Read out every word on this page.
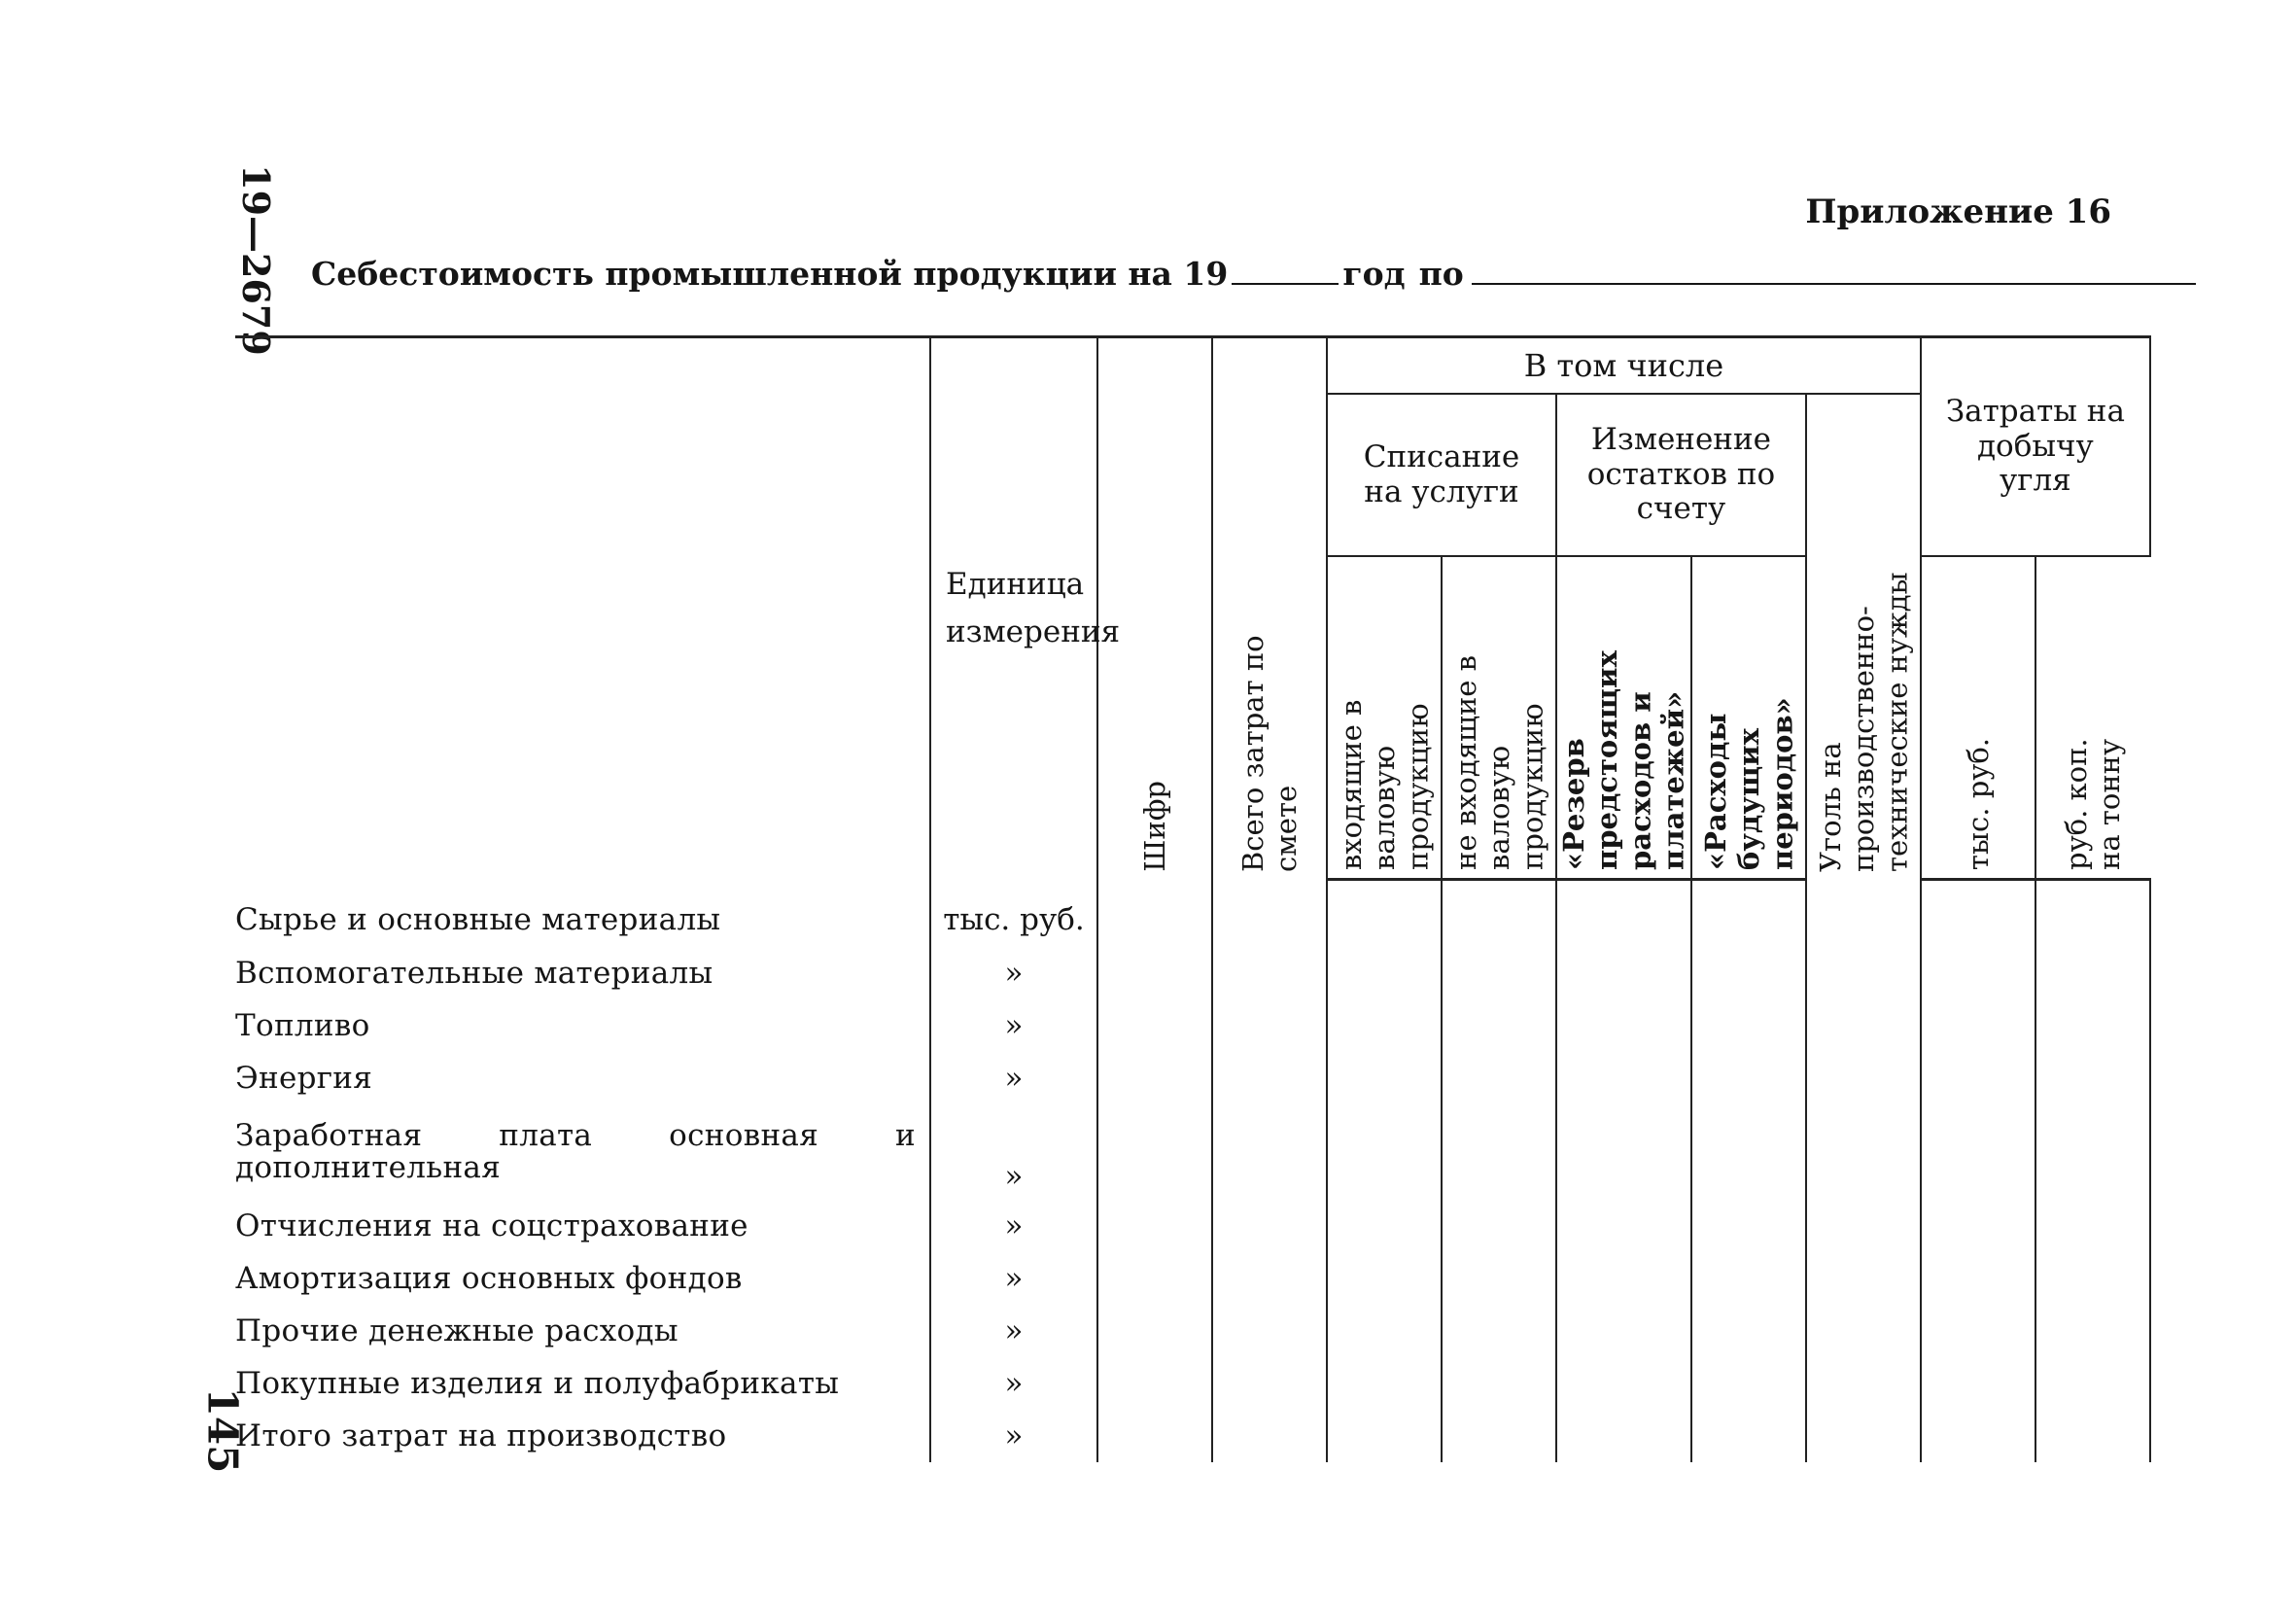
19—2679
145
Приложение 16
Себестоимость промышленной продукции на 19	год по
	Единица измерения	Шифр	Всего затрат по смете	В том числе					Затраты на добычу угля		
				Списание на услуги		Изменение остатков по счету		Уголь на производственно-технические нужды			
				входящие в валовую продукцию	не входящие в валовую продукцию	«Резерв предстоящих расходов и платежей»	«Расходы будущих периодов»		тыс. руб.	руб. коп. на тонну	
Сырье и основные материалы	тыс. руб.										
Вспомогательные материалы	»										
Топливо	»										
Энергия	»										

Заработная плата основная и дополнительная	»										
Отчисления на соцстрахование	»										
Амортизация основных фондов	»										
Прочие денежные расходы	»										
Покупные изделия и полуфабрикаты	»										
Итого затрат на производство	»										
